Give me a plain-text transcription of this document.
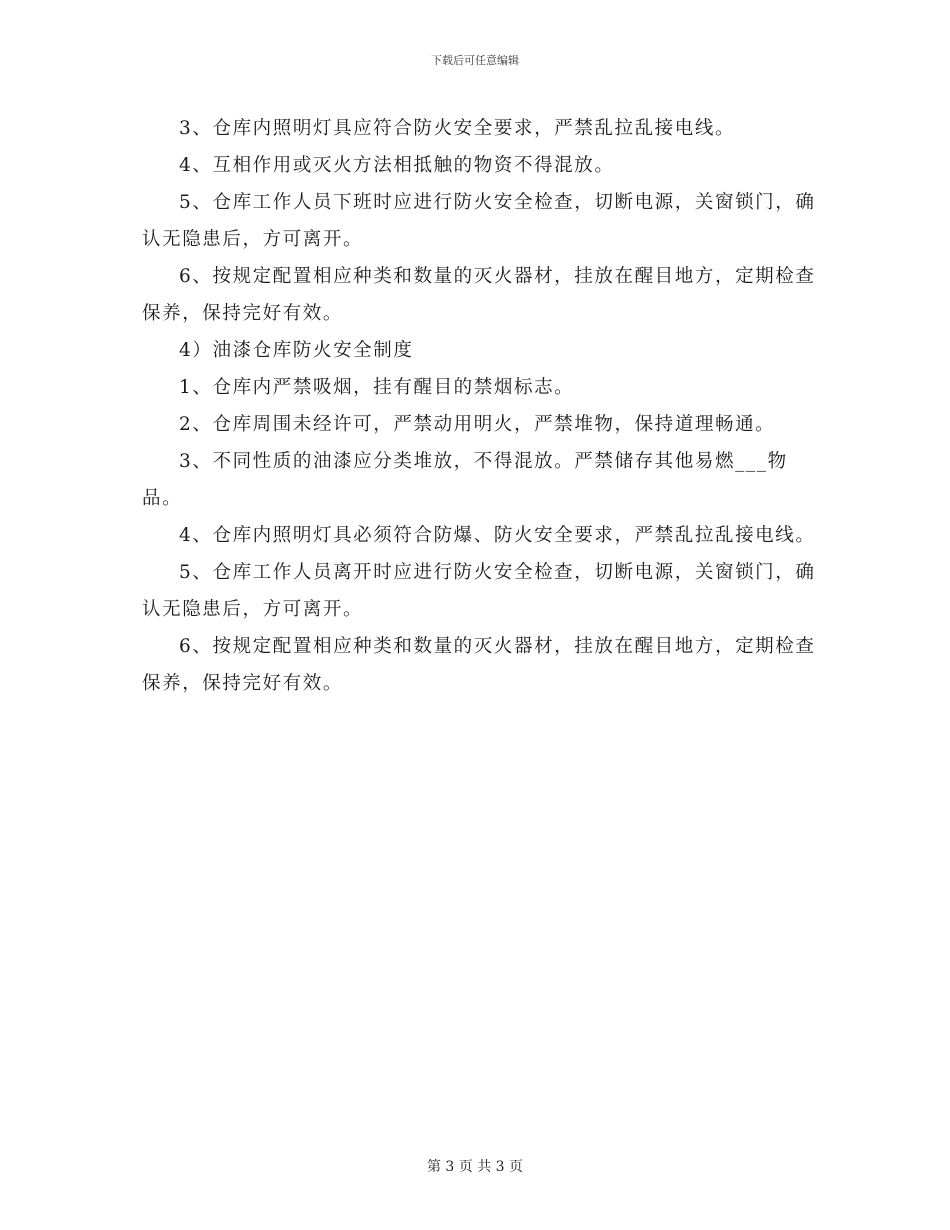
下载后可任意编辑

3、仓库内照明灯具应符合防火安全要求，严禁乱拉乱接电线。

4、互相作用或灭火方法相抵触的物资不得混放。

5、仓库工作人员下班时应进行防火安全检查，切断电源，关窗锁门，确认无隐患后，方可离开。

6、按规定配置相应种类和数量的灭火器材，挂放在醒目地方，定期检查保养，保持完好有效。

4）油漆仓库防火安全制度

1、仓库内严禁吸烟，挂有醒目的禁烟标志。

2、仓库周围未经许可，严禁动用明火，严禁堆物，保持道理畅通。

3、不同性质的油漆应分类堆放，不得混放。严禁储存其他易燃___物品。

4、仓库内照明灯具必须符合防爆、防火安全要求，严禁乱拉乱接电线。

5、仓库工作人员离开时应进行防火安全检查，切断电源，关窗锁门，确认无隐患后，方可离开。

6、按规定配置相应种类和数量的灭火器材，挂放在醒目地方，定期检查保养，保持完好有效。

第 3 页 共 3 页
